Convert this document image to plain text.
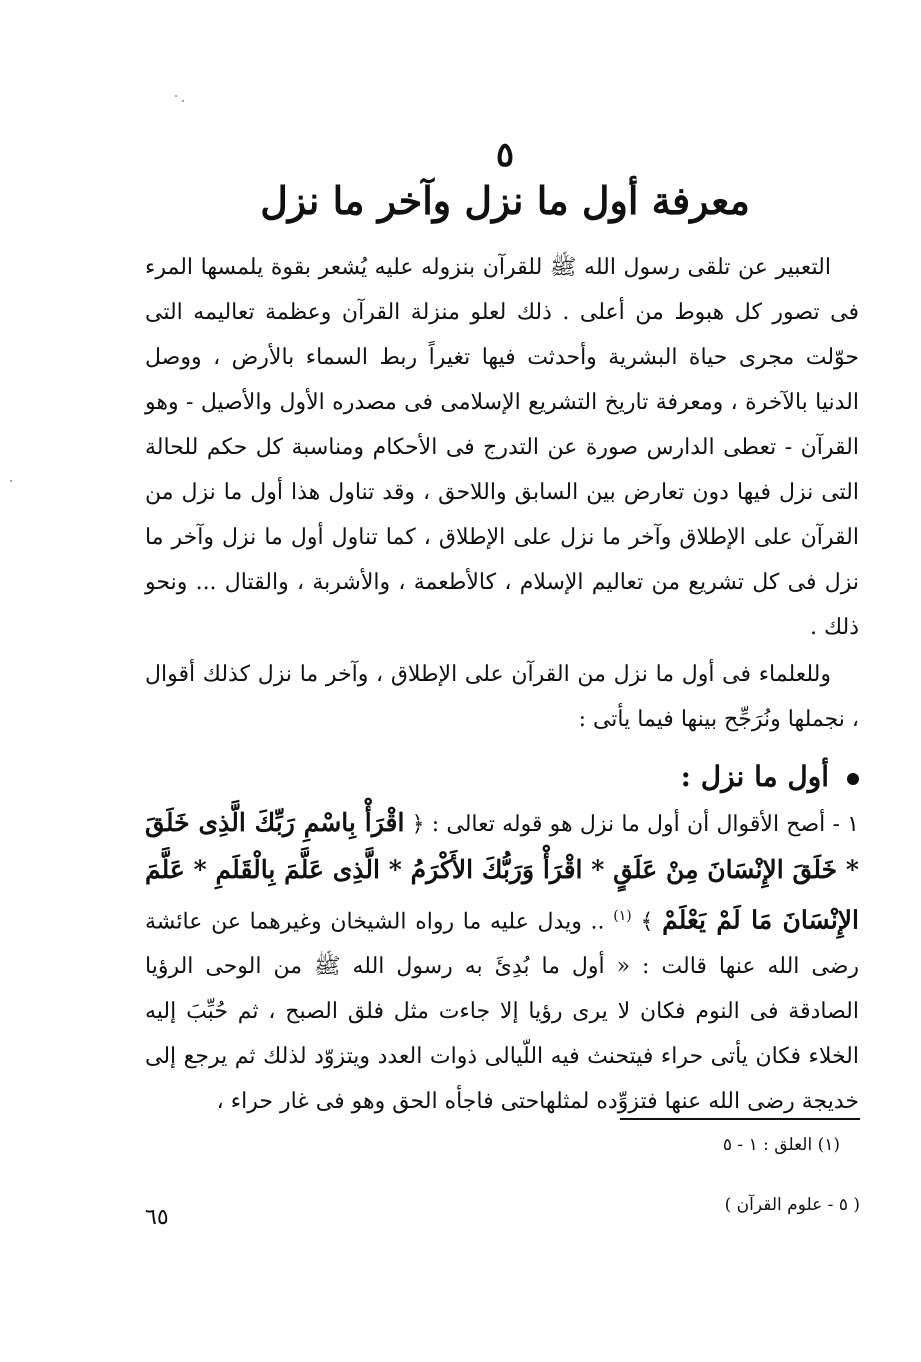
٥
معرفة أول ما نزل وآخر ما نزل

التعبير عن تلقى رسول الله ﷺ للقرآن بنزوله عليه يُشعر بقوة يلمسها المرء فى تصور كل هبوط من أعلى . ذلك لعلو منزلة القرآن وعظمة تعاليمه التى حوّلت مجرى حياة البشرية وأحدثت فيها تغيراً ربط السماء بالأرض ، ووصل الدنيا بالآخرة ، ومعرفة تاريخ التشريع الإسلامى فى مصدره الأول والأصيل - وهو القرآن - تعطى الدارس صورة عن التدرج فى الأحكام ومناسبة كل حكم للحالة التى نزل فيها دون تعارض بين السابق واللاحق ، وقد تناول هذا أول ما نزل من القرآن على الإطلاق وآخر ما نزل على الإطلاق ، كما تناول أول ما نزل وآخر ما نزل فى كل تشريع من تعاليم الإسلام ، كالأطعمة ، والأشربة ، والقتال ... ونحو ذلك .

وللعلماء فى أول ما نزل من القرآن على الإطلاق ، وآخر ما نزل كذلك أقوال ، نجملها ونُرَجِّح بينها فيما يأتى :

أول ما نزل :

١ - أصح الأقوال أن أول ما نزل هو قوله تعالى : ﴿ اقْرَأْ بِاسْمِ رَبِّكَ الَّذِى خَلَقَ * خَلَقَ الإِنْسَانَ مِنْ عَلَقٍ * اقْرَأْ وَرَبُّكَ الأَكْرَمُ * الَّذِى عَلَّمَ بِالْقَلَمِ * عَلَّمَ الإِنْسَانَ مَا لَمْ يَعْلَمْ ﴾ $^{(١)}$ .. ويدل عليه ما رواه الشيخان وغيرهما عن عائشة رضى الله عنها قالت : « أول ما بُدِئَ به رسول الله ﷺ من الوحى الرؤيا الصادقة فى النوم فكان لا يرى رؤيا إلا جاءت مثل فلق الصبح ، ثم حُبِّبَ إليه الخلاء فكان يأتى حراء فيتحنث فيه اللّيالى ذوات العدد ويتزوّد لذلك ثم يرجع إلى خديجة رضى الله عنها فتزوِّده لمثلهاحتى فاجأه الحق وهو فى غار حراء ،

(١) العلق : ١ - ٥
( ٥ - علوم القرآن )
٦٥
